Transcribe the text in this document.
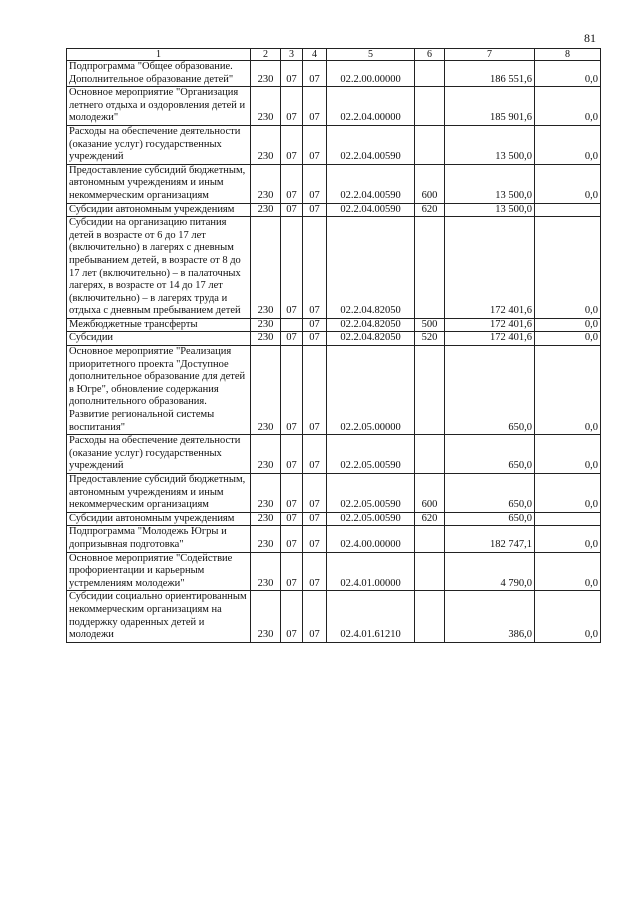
81
1	2	3	4	5	6	7	8
Подпрограмма "Общее образование. Дополнительное образование детей"	230	07	07	02.2.00.00000		186 551,6	0,0
Основное мероприятие "Организация летнего отдыха и оздоровления детей и молодежи"	230	07	07	02.2.04.00000		185 901,6	0,0
Расходы на обеспечение деятельности (оказание услуг) государственных учреждений	230	07	07	02.2.04.00590		13 500,0	0,0
Предоставление субсидий бюджетным, автономным учреждениям и иным некоммерческим организациям	230	07	07	02.2.04.00590	600	13 500,0	0,0
Субсидии автономным учреждениям	230	07	07	02.2.04.00590	620	13 500,0	
Субсидии на организацию питания детей в возрасте от 6 до 17 лет (включительно) в лагерях с дневным пребыванием детей, в возрасте от 8 до 17 лет (включительно) – в палаточных лагерях, в возрасте от 14 до 17 лет (включительно) – в лагерях труда и отдыха с дневным пребыванием детей	230	07	07	02.2.04.82050		172 401,6	0,0
Межбюджетные трансферты	230		07	02.2.04.82050	500	172 401,6	0,0
Субсидии	230	07	07	02.2.04.82050	520	172 401,6	0,0
Основное мероприятие "Реализация приоритетного проекта "Доступное дополнительное образование для детей в Югре", обновление содержания дополнительного образования. Развитие региональной системы воспитания"	230	07	07	02.2.05.00000		650,0	0,0
Расходы на обеспечение деятельности (оказание услуг) государственных учреждений	230	07	07	02.2.05.00590		650,0	0,0
Предоставление субсидий бюджетным, автономным учреждениям и иным некоммерческим организациям	230	07	07	02.2.05.00590	600	650,0	0,0
Субсидии автономным учреждениям	230	07	07	02.2.05.00590	620	650,0	
Подпрограмма "Молодежь Югры и допризывная подготовка"	230	07	07	02.4.00.00000		182 747,1	0,0
Основное мероприятие "Содействие профориентации и карьерным устремлениям молодежи"	230	07	07	02.4.01.00000		4 790,0	0,0
Субсидии социально ориентированным некоммерческим организациям на поддержку одаренных детей и молодежи	230	07	07	02.4.01.61210		386,0	0,0
